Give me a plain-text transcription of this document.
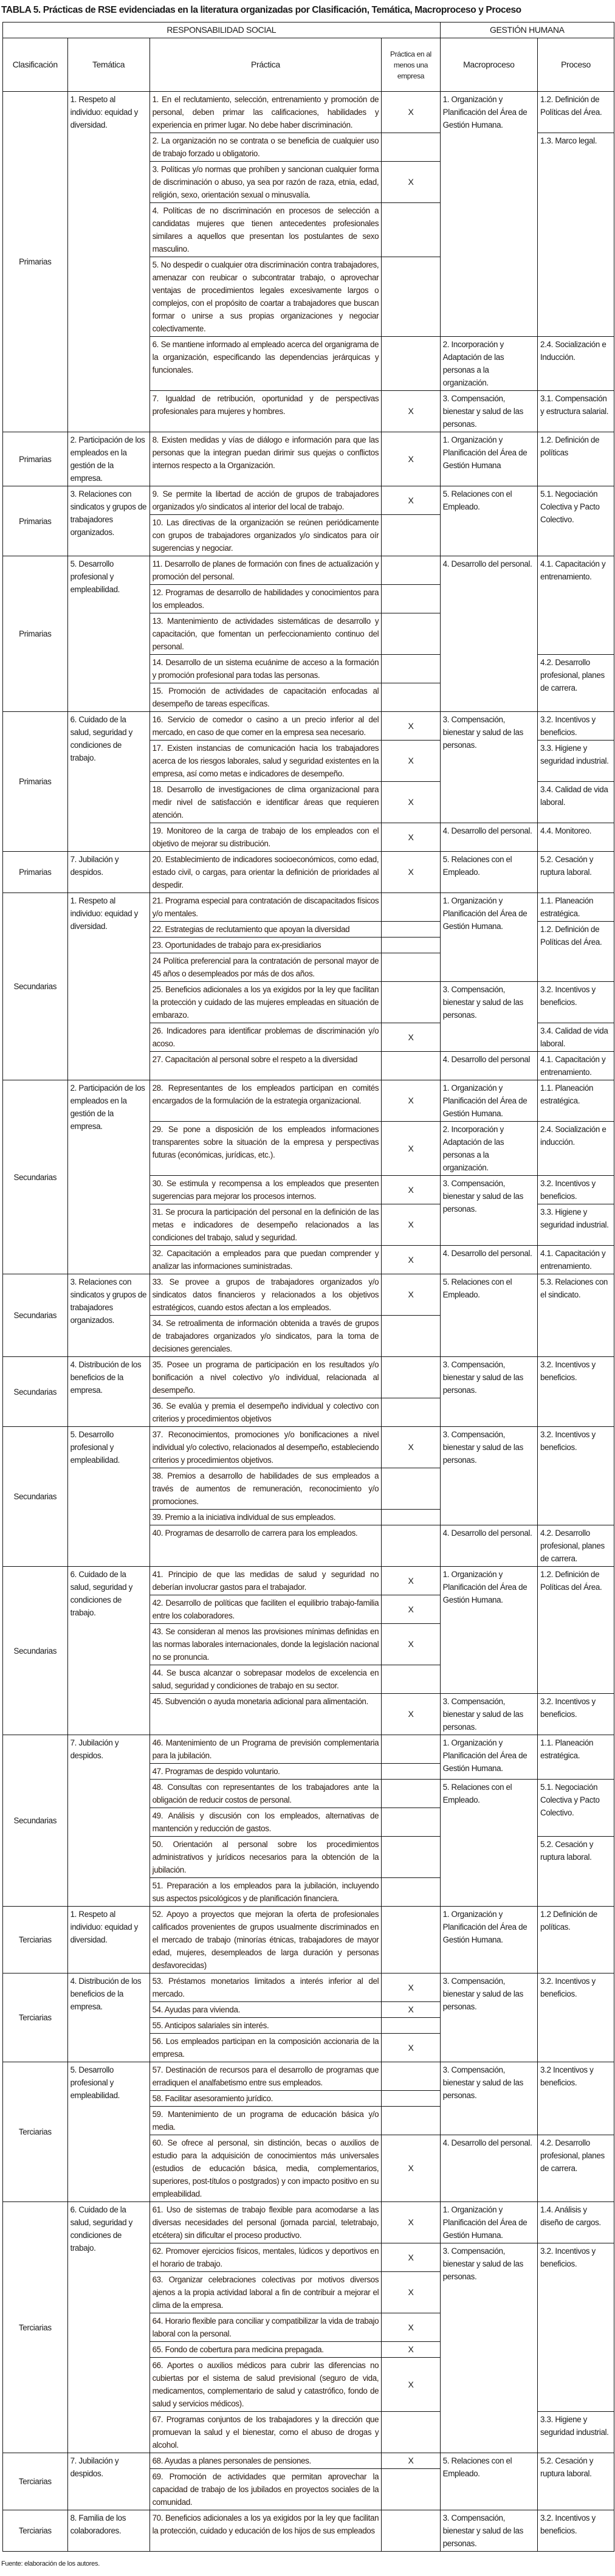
TABLA 5. Prácticas de RSE evidenciadas en la literatura organizadas por Clasificación, Temática, Macroproceso y Proceso
RESPONSABILIDAD SOCIAL				GESTIÓN HUMANA	
Clasificación	Temática	Práctica	Práctica en al menos una empresa	Macroproceso	Proceso
Primarias	1. Respeto al individuo: equidad y diversidad.	1. En el reclutamiento, selección, entrenamiento y promoción de personal, deben primar las calificaciones, habilidades y experiencia en primer lugar. No debe haber discriminación.	X	1. Organización y Planificación del Área de Gestión Humana.	1.2. Definición de Políticas del Área.
		2. La organización no se contrata o se beneficia de cualquier uso de trabajo forzado u obligatorio.			1.3. Marco legal.
		3. Políticas y/o normas que prohíben y sancionan cualquier forma de discriminación o abuso, ya sea por razón de raza, etnia, edad, religión, sexo, orientación sexual o minusvalía.	X		
		4. Políticas de no discriminación en procesos de selección a candidatas mujeres que tienen antecedentes profesionales similares a aquellos que presentan los postulantes de sexo masculino.			
		5. No despedir o cualquier otra discriminación contra trabajadores, amenazar con reubicar o subcontratar trabajo, o aprovechar ventajas de procedimientos legales excesivamente largos o complejos, con el propósito de coartar a trabajadores que buscan formar o unirse a sus propias organizaciones y negociar colectivamente.			
		6. Se mantiene informado al empleado acerca del organigrama de la organización, especificando las dependencias jerárquicas y funcionales.		2. Incorporación y Adaptación de las personas a la organización.	2.4. Socialización e Inducción.
		7. Igualdad de retribución, oportunidad y de perspectivas profesionales para mujeres y hombres.	X	3. Compensación, bienestar y salud de las personas.	3.1. Compensación y estructura salarial.
Primarias	2. Participación de los empleados en la gestión de la empresa.	8. Existen medidas y vías de diálogo e información para que las personas que la integran puedan dirimir sus quejas o conflictos internos respecto a la Organización.	X	1. Organización y Planificación del Área de Gestión Humana	1.2. Definición de políticas
Primarias	3. Relaciones con sindicatos y grupos de trabajadores organizados.	9. Se permite la libertad de acción de grupos de trabajadores organizados y/o sindicatos al interior del local de trabajo.	X	5. Relaciones con el Empleado.	5.1. Negociación Colectiva y Pacto Colectivo.
		10. Las directivas de la organización se reúnen periódicamente con grupos de trabajadores organizados y/o sindicatos para oír sugerencias y negociar.			
Primarias	5. Desarrollo profesional y empleabilidad.	11. Desarrollo de planes de formación con fines de actualización y promoción del personal.		4. Desarrollo del personal.	4.1. Capacitación y entrenamiento.
		12. Programas de desarrollo de habilidades y conocimientos para los empleados.			
		13. Mantenimiento de actividades sistemáticas de desarrollo y capacitación, que fomentan un perfeccionamiento continuo del personal.			
		14. Desarrollo de un sistema ecuánime de acceso a la formación y promoción profesional para todas las personas.			4.2. Desarrollo profesional, planes de carrera.
		15. Promoción de actividades de capacitación enfocadas al desempeño de tareas específicas.			
Primarias	6. Cuidado de la salud, seguridad y condiciones de trabajo.	16. Servicio de comedor o casino a un precio inferior al del mercado, en caso de que comer en la empresa sea necesario.	X	3. Compensación, bienestar y salud de las personas.	3.2. Incentivos y beneficios.
		17. Existen instancias de comunicación hacia los trabajadores acerca de los riesgos laborales, salud y seguridad existentes en la empresa, así como metas e indicadores de desempeño.	X		3.3. Higiene y seguridad industrial.
		18. Desarrollo de investigaciones de clima organizacional para medir nivel de satisfacción e identificar áreas que requieren atención.	X		3.4. Calidad de vida laboral.
		19. Monitoreo de la carga de trabajo de los empleados con el objetivo de mejorar su distribución.	X	4. Desarrollo del personal.	4.4. Monitoreo.
Primarias	7. Jubilación y despidos.	20. Establecimiento de indicadores socioeconómicos, como edad, estado civil, o cargas, para orientar la definición de prioridades al despedir.	X	5. Relaciones con el Empleado.	5.2. Cesación y ruptura laboral.
Secundarias	1. Respeto al individuo: equidad y diversidad.	21. Programa especial para contratación de discapacitados físicos y/o mentales.		1. Organización y Planificación del Área de Gestión Humana.	1.1. Planeación estratégica.
		22. Estrategias de reclutamiento que apoyan la diversidad			1.2. Definición de Políticas del Área.
		23. Oportunidades de trabajo para ex-presidiarios			
		24 Política preferencial para la contratación de personal mayor de 45 años o desempleados por más de dos años.			
		25. Beneficios adicionales a los ya exigidos por la ley que facilitan la protección y cuidado de las mujeres empleadas en situación de embarazo.		3. Compensación, bienestar y salud de las personas.	3.2. Incentivos y beneficios.
		26. Indicadores para identificar problemas de discriminación y/o acoso.	X		3.4. Calidad de vida laboral.
		27. Capacitación al personal sobre el respeto a la diversidad		4. Desarrollo del personal	4.1. Capacitación y entrenamiento.
Secundarias	2. Participación de los empleados en la gestión de la empresa.	28. Representantes de los empleados participan en comités encargados de la formulación de la estrategia organizacional.	X	1. Organización y Planificación del Área de Gestión Humana.	1.1. Planeación estratégica.
		29. Se pone a disposición de los empleados informaciones transparentes sobre la situación de la empresa y perspectivas futuras (económicas, jurídicas, etc.).	X	2. Incorporación y Adaptación de las personas a la organización.	2.4. Socialización e inducción.
		30. Se estimula y recompensa a los empleados que presenten sugerencias para mejorar los procesos internos.	X	3. Compensación, bienestar y salud de las personas.	3.2. Incentivos y beneficios.
		31. Se procura la participación del personal en la definición de las metas e indicadores de desempeño relacionados a las condiciones del trabajo, salud y seguridad.	X		3.3. Higiene y seguridad industrial.
		32. Capacitación a empleados para que puedan comprender y analizar las informaciones suministradas.	X	4. Desarrollo del personal.	4.1. Capacitación y entrenamiento.
Secundarias	3. Relaciones con sindicatos y grupos de trabajadores organizados.	33. Se provee a grupos de trabajadores organizados y/o sindicatos datos financieros y relacionados a los objetivos estratégicos, cuando estos afectan a los empleados.	X	5. Relaciones con el Empleado.	5.3. Relaciones con el sindicato.
		34. Se retroalimenta de información obtenida a través de grupos de trabajadores organizados y/o sindicatos, para la toma de decisiones gerenciales.			
Secundarias	4. Distribución de los beneficios de la empresa.	35. Posee un programa de participación en los resultados y/o bonificación a nivel colectivo y/o individual, relacionada al desempeño.		3. Compensación, bienestar y salud de las personas.	3.2. Incentivos y beneficios.
		36. Se evalúa y premia el desempeño individual y colectivo con criterios y procedimientos objetivos			
Secundarias	5. Desarrollo profesional y empleabilidad.	37. Reconocimientos, promociones y/o bonificaciones a nivel individual y/o colectivo, relacionados al desempeño, estableciendo criterios y procedimientos objetivos.	X	3. Compensación, bienestar y salud de las personas.	3.2. Incentivos y beneficios.
		38. Premios a desarrollo de habilidades de sus empleados a través de aumentos de remuneración, reconocimiento y/o promociones.			
		39. Premio a la iniciativa individual de sus empleados.			
		40. Programas de desarrollo de carrera para los empleados.		4. Desarrollo del personal.	4.2. Desarrollo profesional, planes de carrera.
Secundarias	6. Cuidado de la salud, seguridad y condiciones de trabajo.	41. Principio de que las medidas de salud y seguridad no deberían involucrar gastos para el trabajador.	X	1. Organización y Planificación del Área de Gestión Humana.	1.2. Definición de Políticas del Área.
		42. Desarrollo de políticas que faciliten el equilibrio trabajo-familia entre los colaboradores.	X		
		43. Se consideran al menos las provisiones mínimas definidas en las normas laborales internacionales, donde la legislación nacional no se pronuncia.	X		
		44. Se busca alcanzar o sobrepasar modelos de excelencia en salud, seguridad y condiciones de trabajo en su sector.			
		45. Subvención o ayuda monetaria adicional para alimentación.	X	3. Compensación, bienestar y salud de las personas.	3.2. Incentivos y beneficios.
Secundarias	7. Jubilación y despidos.	46. Mantenimiento de un Programa de previsión complementaria para la jubilación.		1. Organización y Planificación del Área de Gestión Humana.	1.1. Planeación estratégica.
		47. Programas de despido voluntario.			
		48. Consultas con representantes de los trabajadores ante la obligación de reducir costos de personal.		5. Relaciones con el Empleado.	5.1. Negociación Colectiva y Pacto Colectivo.
		49. Análisis y discusión con los empleados, alternativas de mantención y reducción de gastos.			
		50. Orientación al personal sobre los procedimientos administrativos y jurídicos necesarios para la obtención de la jubilación.			5.2. Cesación y ruptura laboral.
		51. Preparación a los empleados para la jubilación, incluyendo sus aspectos psicológicos y de planificación financiera.			
Terciarias	1. Respeto al individuo: equidad y diversidad.	52. Apoyo a proyectos que mejoran la oferta de profesionales calificados provenientes de grupos usualmente discriminados en el mercado de trabajo (minorías étnicas, trabajadores de mayor edad, mujeres, desempleados de larga duración y personas desfavorecidas)		1. Organización y Planificación del Área de Gestión Humana.	1.2 Definición de políticas.
Terciarias	4. Distribución de los beneficios de la empresa.	53. Préstamos monetarios limitados a interés inferior al del mercado.	X	3. Compensación, bienestar y salud de las personas.	3.2. Incentivos y beneficios.
		54. Ayudas para vivienda.	X		
		55. Anticipos salariales sin interés.			
		56. Los empleados participan en la composición accionaria de la empresa.	X		
Terciarias	5. Desarrollo profesional y empleabilidad.	57. Destinación de recursos para el desarrollo de programas que erradiquen el analfabetismo entre sus empleados.		3. Compensación, bienestar y salud de las personas.	3.2 Incentivos y beneficios.
		58. Facilitar asesoramiento jurídico.			
		59. Mantenimiento de un programa de educación básica y/o media.			
		60. Se ofrece al personal, sin distinción, becas o auxilios de estudio para la adquisición de conocimientos más universales (estudios de educación básica, media, complementarios, superiores, post-títulos o postgrados) y con impacto positivo en su empleabilidad.	X	4. Desarrollo del personal.	4.2. Desarrollo profesional, planes de carrera.
Terciarias	6. Cuidado de la salud, seguridad y condiciones de trabajo.	61. Uso de sistemas de trabajo flexible para acomodarse a las diversas necesidades del personal (jornada parcial, teletrabajo, etcétera) sin dificultar el proceso productivo.	X	1. Organización y Planificación del Área de Gestión Humana.	1.4. Análisis y diseño de cargos.
		62. Promover ejercicios físicos, mentales, lúdicos y deportivos en el horario de trabajo.	X	3. Compensación, bienestar y salud de las personas.	3.2. Incentivos y beneficios.
		63. Organizar celebraciones colectivas por motivos diversos ajenos a la propia actividad laboral a fin de contribuir a mejorar el clima de la empresa.	X		
		64. Horario flexible para conciliar y compatibilizar la vida de trabajo laboral con la personal.	X		
		65. Fondo de cobertura para medicina prepagada.	X		
		66. Aportes o auxilios médicos para cubrir las diferencias no cubiertas por el sistema de salud previsional (seguro de vida, medicamentos, complementario de salud y catastrófico, fondo de salud y servicios médicos).	X		
		67. Programas conjuntos de los trabajadores y la dirección que promuevan la salud y el bienestar, como el abuso de drogas y alcohol.			3.3. Higiene y seguridad industrial.
Terciarias	7. Jubilación y despidos.	68. Ayudas a planes personales de pensiones.	X	5. Relaciones con el Empleado.	5.2. Cesación y ruptura laboral.
		69. Promoción de actividades que permitan aprovechar la capacidad de trabajo de los jubilados en proyectos sociales de la comunidad.			
Terciarias	8. Familia de los colaboradores.	70. Beneficios adicionales a los ya exigidos por la ley que facilitan la protección, cuidado y educación de los hijos de sus empleados		3. Compensación, bienestar y salud de las personas.	3.2. Incentivos y beneficios.
Fuente: elaboración de los autores.
